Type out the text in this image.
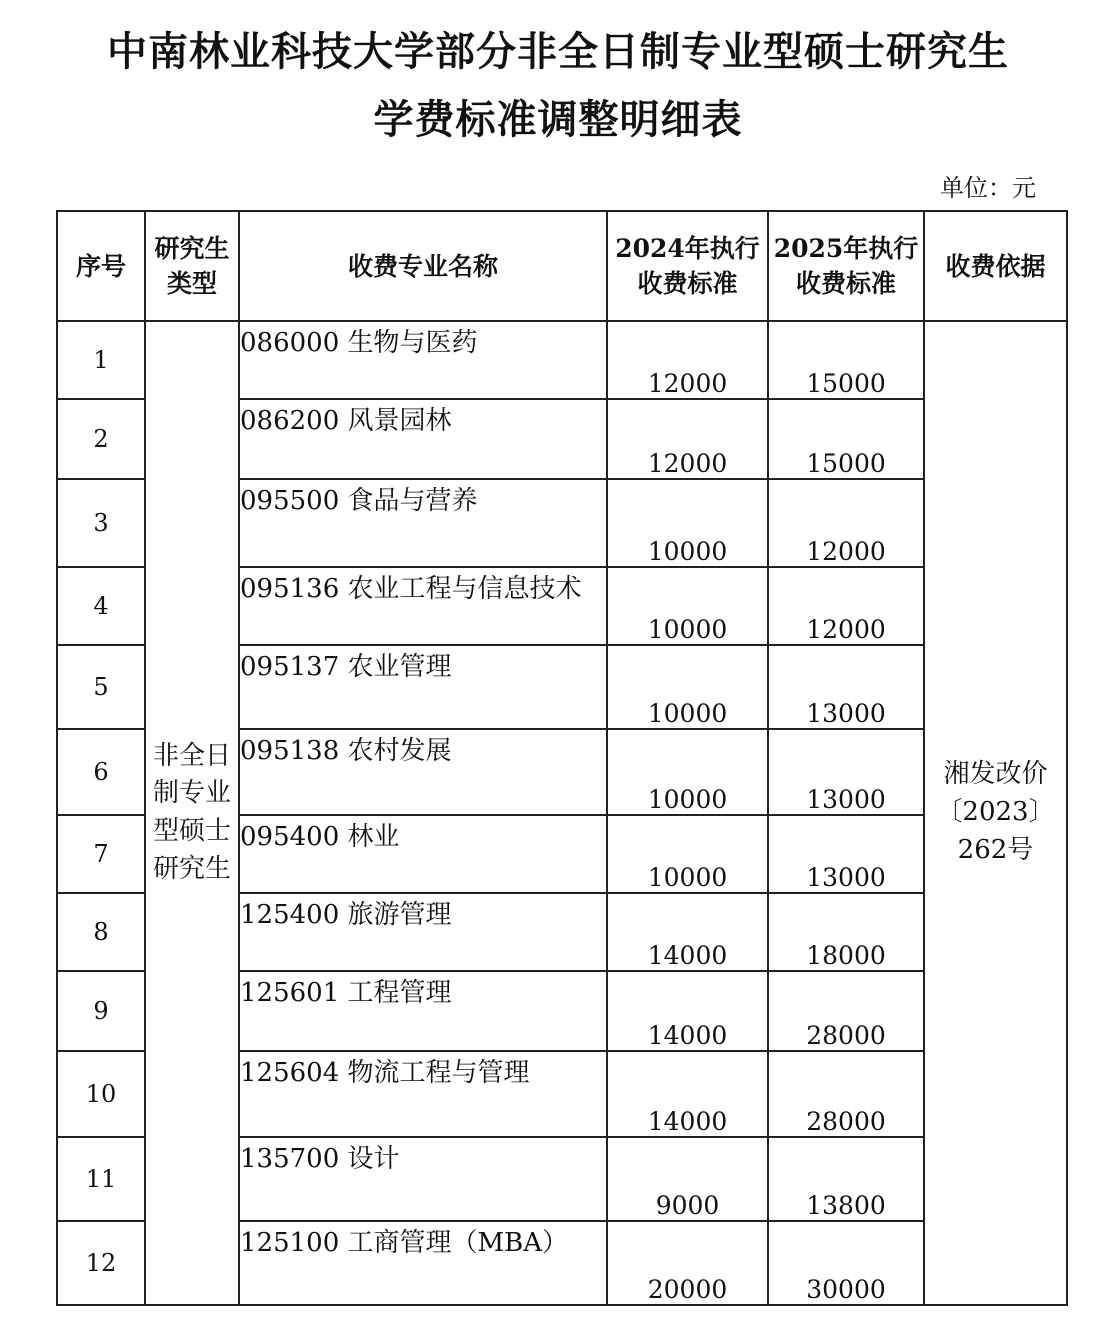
中南林业科技大学部分非全日制专业型硕士研究生
学费标准调整明细表
单位：元
序号	研究生类型	收费专业名称	2024年执行收费标准	2025年执行收费标准	收费依据
1	非全日制专业型硕士研究生	086000 生物与医药	12000	15000	湘发改价〔2023〕262号
2		086200 风景园林	12000	15000	
3		095500 食品与营养	10000	12000	
4		095136 农业工程与信息技术	10000	12000	
5		095137 农业管理	10000	13000	
6		095138 农村发展	10000	13000	
7		095400 林业	10000	13000	
8		125400 旅游管理	14000	18000	
9		125601 工程管理	14000	28000	
10		125604 物流工程与管理	14000	28000	
11		135700 设计	9000	13800	
12		125100 工商管理（MBA）	20000	30000	
